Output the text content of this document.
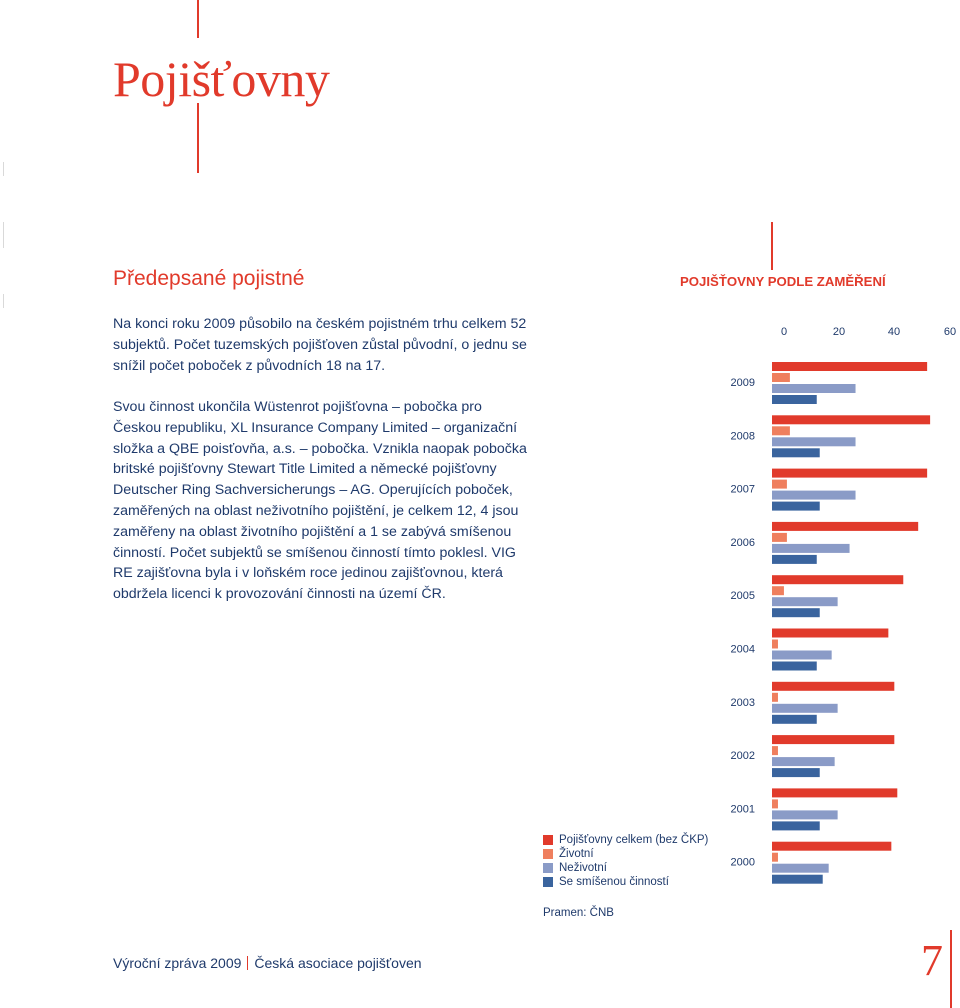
Pojišťovny
Předepsané pojistné

Na konci roku 2009 působilo na českém pojistném trhu celkem 52 subjektů. Počet tuzemských pojišťoven zůstal původní, o jednu se snížil počet poboček z původních 18 na 17.

Svou činnost ukončila Wüstenrot pojišťovna – pobočka pro Českou republiku, XL Insurance Company Limited – organizační složka a QBE poisťovňa, a.s. – pobočka. Vznikla naopak pobočka britské pojišťovny Stewart Title Limited a německé pojišťovny Deutscher Ring Sachversicherungs – AG. Operujících poboček, zaměřených na oblast neživotního pojištění, je celkem 12, 4 jsou zaměřeny na oblast životního pojištění a 1 se zabývá smíšenou činností. Počet subjektů se smíšenou činností tímto poklesl. VIG RE zajišťovna byla i v loňském roce jedinou zajišťovnou, která obdržela licenci k provozování činnosti na území ČR.

POJIŠŤOVNY PODLE ZAMĚŘENÍ
0	20	40	60
2009
2008
2007
2006
2005
2004
2003
2002
2001
2000
Pojišťovny celkem (bez ČKP)
Životní
Neživotní
Se smíšenou činností
Pramen: ČNB
Výroční zpráva 2009 Česká asociace pojišťoven	7
